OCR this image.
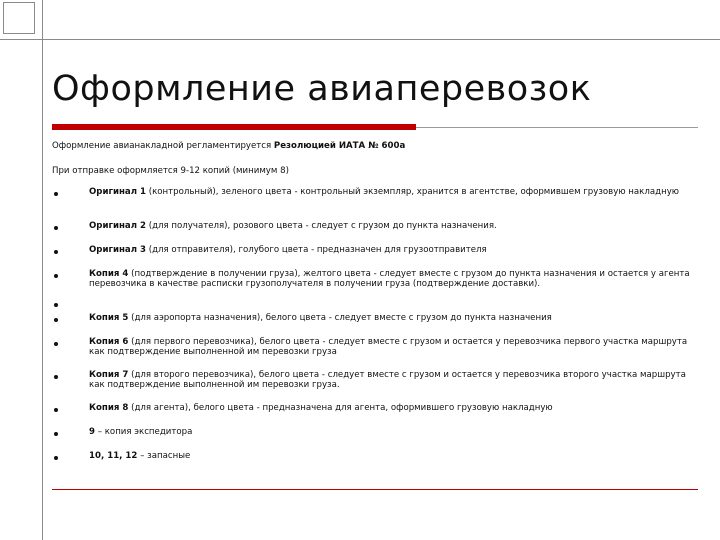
Оформление авиаперевозок
Оформление авианакладной регламентируется Резолюцией ИАТА № 600а
При отправке оформляется 9-12 копий (минимум 8)
Оригинал 1 (контрольный), зеленого цвета - контрольный экземпляр, хранится в агентстве, оформившем грузовую накладную
Оригинал 2 (для получателя), розового цвета - следует с грузом до пункта назначения.
Оригинал 3 (для отправителя), голубого цвета - предназначен для грузоотправителя
Копия 4 (подтверждение в получении груза), желтого цвета - следует вместе с грузом до пункта назначения и остается у агента перевозчика в качестве расписки грузополучателя в получении груза (подтверждение доставки).
Копия 5 (для аэропорта назначения), белого цвета - следует вместе с грузом до пункта назначения
Копия 6 (для первого перевозчика), белого цвета - следует вместе с грузом и остается у перевозчика первого участка маршрута как подтверждение выполненной им перевозки груза
Копия 7 (для второго перевозчика), белого цвета - следует вместе с грузом и остается у перевозчика второго участка маршрута как подтверждение выполненной им перевозки груза.
Копия 8 (для агента), белого цвета - предназначена для агента, оформившего грузовую накладную
9 – копия экспедитора
10, 11, 12 – запасные
